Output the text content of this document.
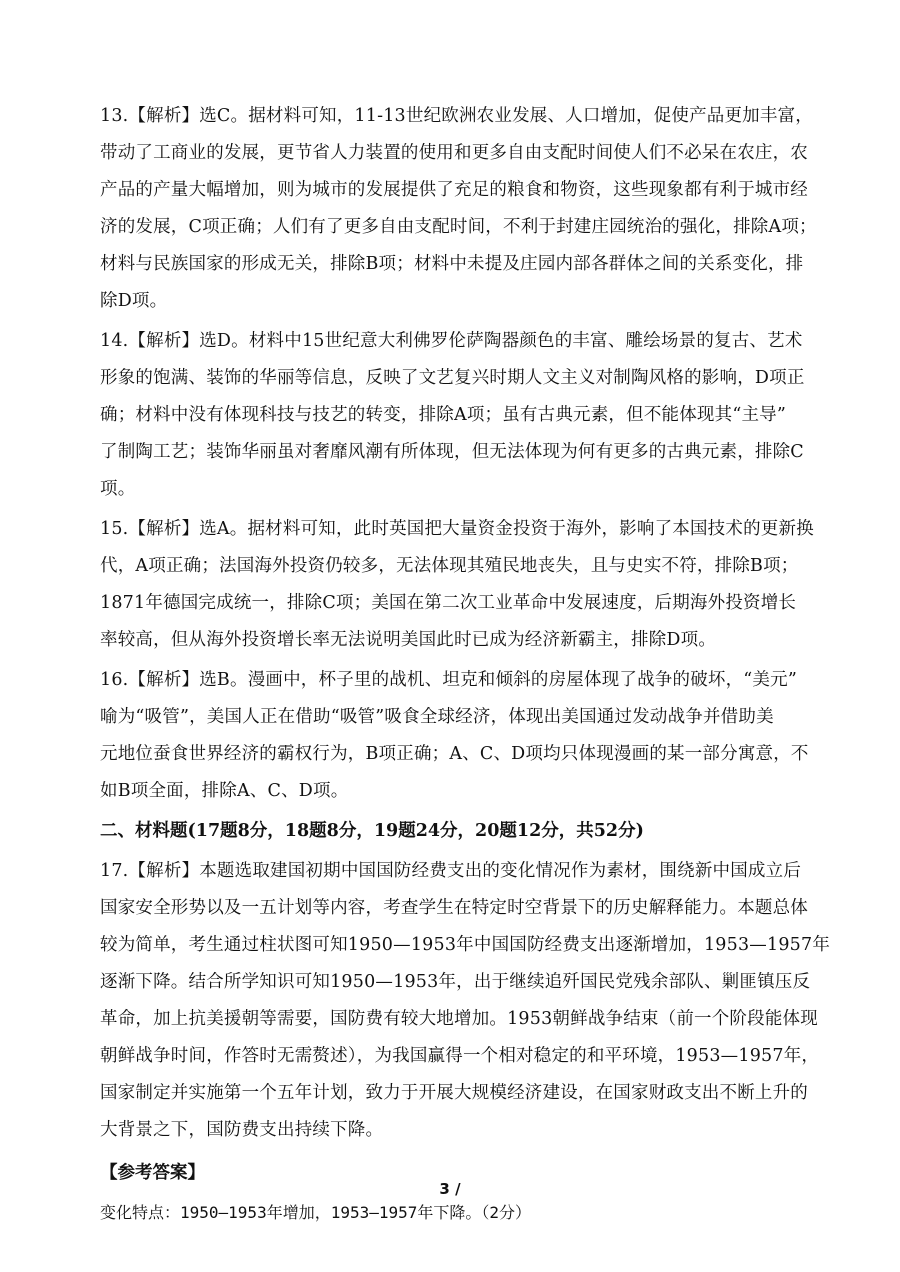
13.【解析】选C。据材料可知，11-13世纪欧洲农业发展、人口增加，促使产品更加丰富，
带动了工商业的发展，更节省人力装置的使用和更多自由支配时间使人们不必呆在农庄，农
产品的产量大幅增加，则为城市的发展提供了充足的粮食和物资，这些现象都有利于城市经
济的发展，C项正确；人们有了更多自由支配时间，不利于封建庄园统治的强化，排除A项；
材料与民族国家的形成无关，排除B项；材料中未提及庄园内部各群体之间的关系变化，排
除D项。
14.【解析】选D。材料中15世纪意大利佛罗伦萨陶器颜色的丰富、雕绘场景的复古、艺术
形象的饱满、装饰的华丽等信息，反映了文艺复兴时期人文主义对制陶风格的影响，D项正
确；材料中没有体现科技与技艺的转变，排除A项；虽有古典元素，但不能体现其“主导”
了制陶工艺；装饰华丽虽对奢靡风潮有所体现，但无法体现为何有更多的古典元素，排除C
项。
15.【解析】选A。据材料可知，此时英国把大量资金投资于海外，影响了本国技术的更新换
代，A项正确；法国海外投资仍较多，无法体现其殖民地丧失，且与史实不符，排除B项；
1871年德国完成统一，排除C项；美国在第二次工业革命中发展速度，后期海外投资增长
率较高，但从海外投资增长率无法说明美国此时已成为经济新霸主，排除D项。
16.【解析】选B。漫画中，杯子里的战机、坦克和倾斜的房屋体现了战争的破坏，“美元”
喻为“吸管”，美国人正在借助“吸管”吸食全球经济，体现出美国通过发动战争并借助美
元地位蚕食世界经济的霸权行为，B项正确；A、C、D项均只体现漫画的某一部分寓意，不
如B项全面，排除A、C、D项。
二、材料题(17题8分，18题8分，19题24分，20题12分，共52分)
17.【解析】本题选取建国初期中国国防经费支出的变化情况作为素材，围绕新中国成立后
国家安全形势以及一五计划等内容，考查学生在特定时空背景下的历史解释能力。本题总体
较为简单，考生通过柱状图可知1950—1953年中国国防经费支出逐渐增加，1953—1957年
逐渐下降。结合所学知识可知1950—1953年，出于继续追歼国民党残余部队、剿匪镇压反
革命，加上抗美援朝等需要，国防费有较大地增加。1953朝鲜战争结束（前一个阶段能体现
朝鲜战争时间，作答时无需赘述），为我国赢得一个相对稳定的和平环境，1953—1957年，
国家制定并实施第一个五年计划，致力于开展大规模经济建设，在国家财政支出不断上升的
大背景之下，国防费支出持续下降。
【参考答案】
变化特点：1950—1953年增加，1953—1957年下降。（2分）
3 /
